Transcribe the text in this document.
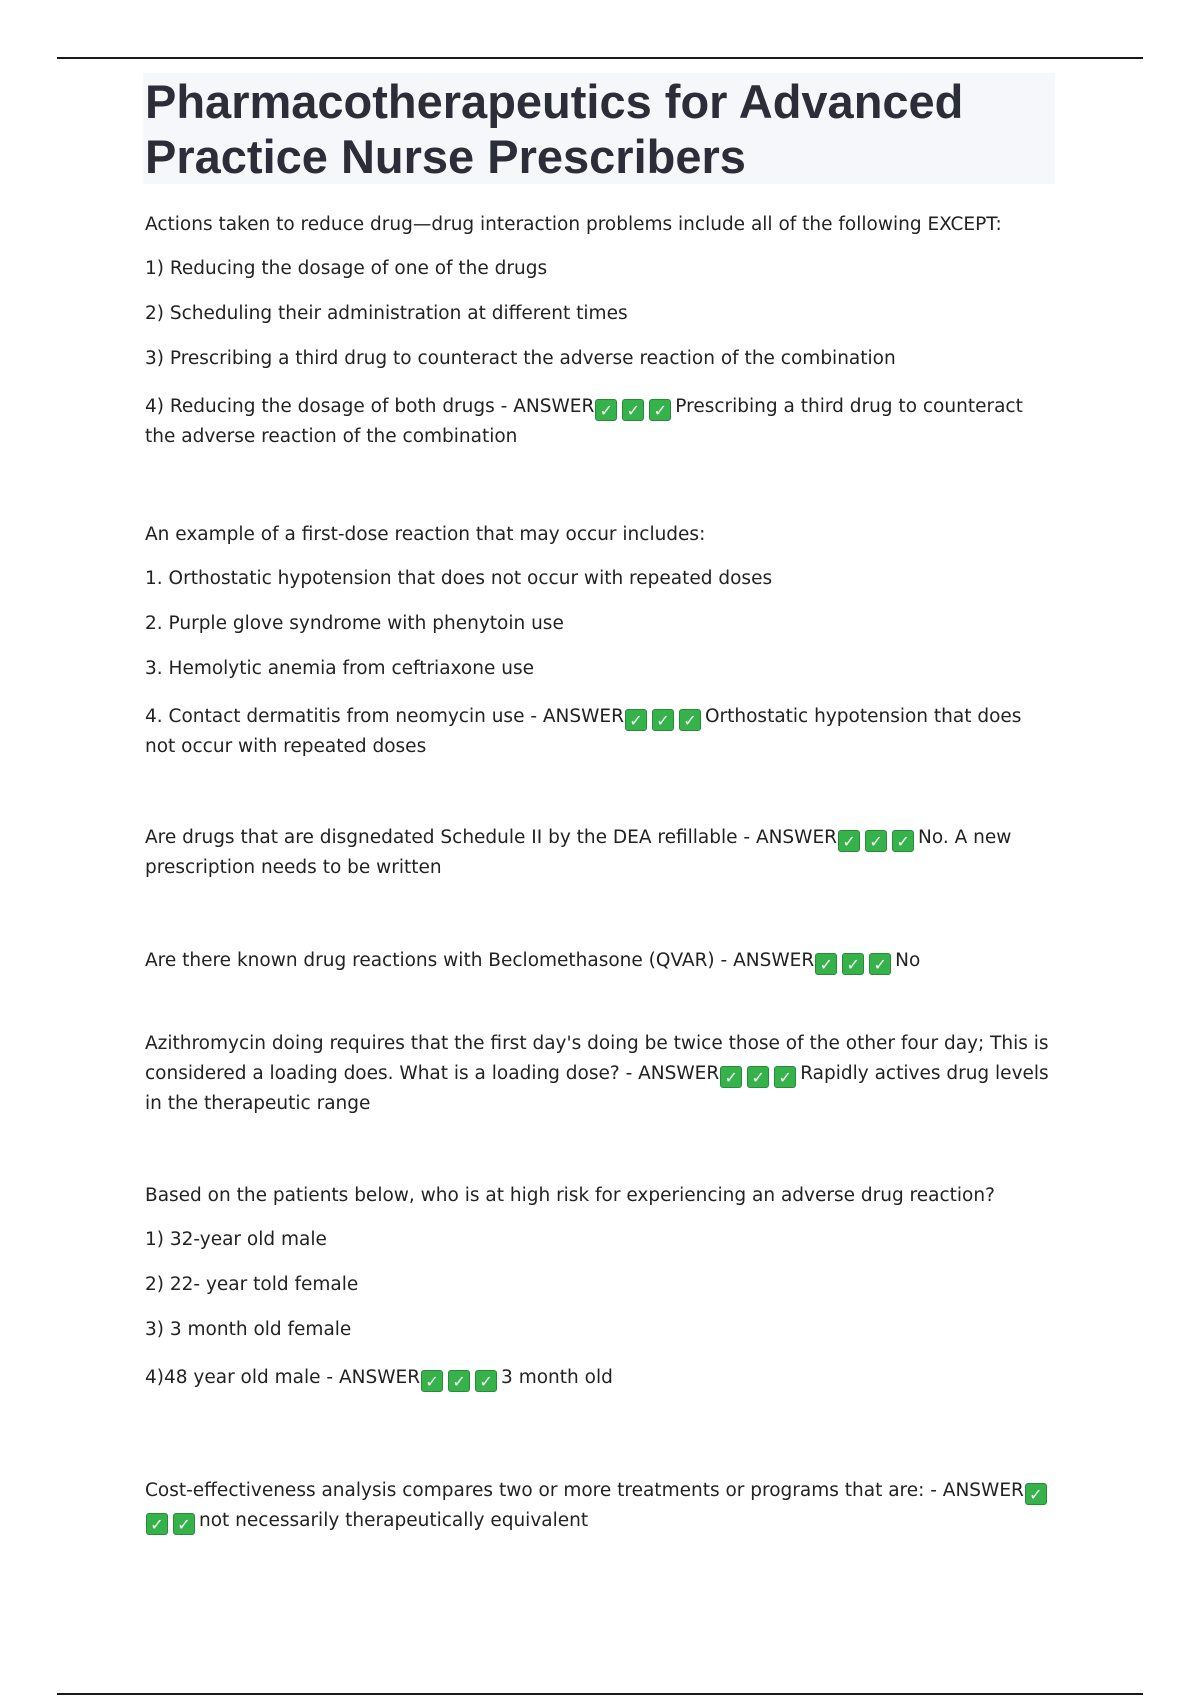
Pharmacotherapeutics for Advanced Practice Nurse Prescribers

Actions taken to reduce drug—drug interaction problems include all of the following EXCEPT:

1) Reducing the dosage of one of the drugs

2) Scheduling their administration at different times

3) Prescribing a third drug to counteract the adverse reaction of the combination

4) Reducing the dosage of both drugs - ANSWER ✓ ✓ ✓ Prescribing a third drug to counteract the adverse reaction of the combination

An example of a first-dose reaction that may occur includes:

1. Orthostatic hypotension that does not occur with repeated doses

2. Purple glove syndrome with phenytoin use

3. Hemolytic anemia from ceftriaxone use

4. Contact dermatitis from neomycin use - ANSWER ✓ ✓ ✓ Orthostatic hypotension that does not occur with repeated doses

Are drugs that are disgnedated Schedule II by the DEA refillable - ANSWER ✓ ✓ ✓ No. A new prescription needs to be written

Are there known drug reactions with Beclomethasone (QVAR) - ANSWER ✓ ✓ ✓ No

Azithromycin doing requires that the first day's doing be twice those of the other four day; This is considered a loading does. What is a loading dose? - ANSWER ✓ ✓ ✓ Rapidly actives drug levels in the therapeutic range

Based on the patients below, who is at high risk for experiencing an adverse drug reaction?

1) 32-year old male

2) 22- year told female

3) 3 month old female

4)48 year old male - ANSWER ✓ ✓ ✓ 3 month old

Cost-effectiveness analysis compares two or more treatments or programs that are: - ANSWER ✓✓ ✓ not necessarily therapeutically equivalent
